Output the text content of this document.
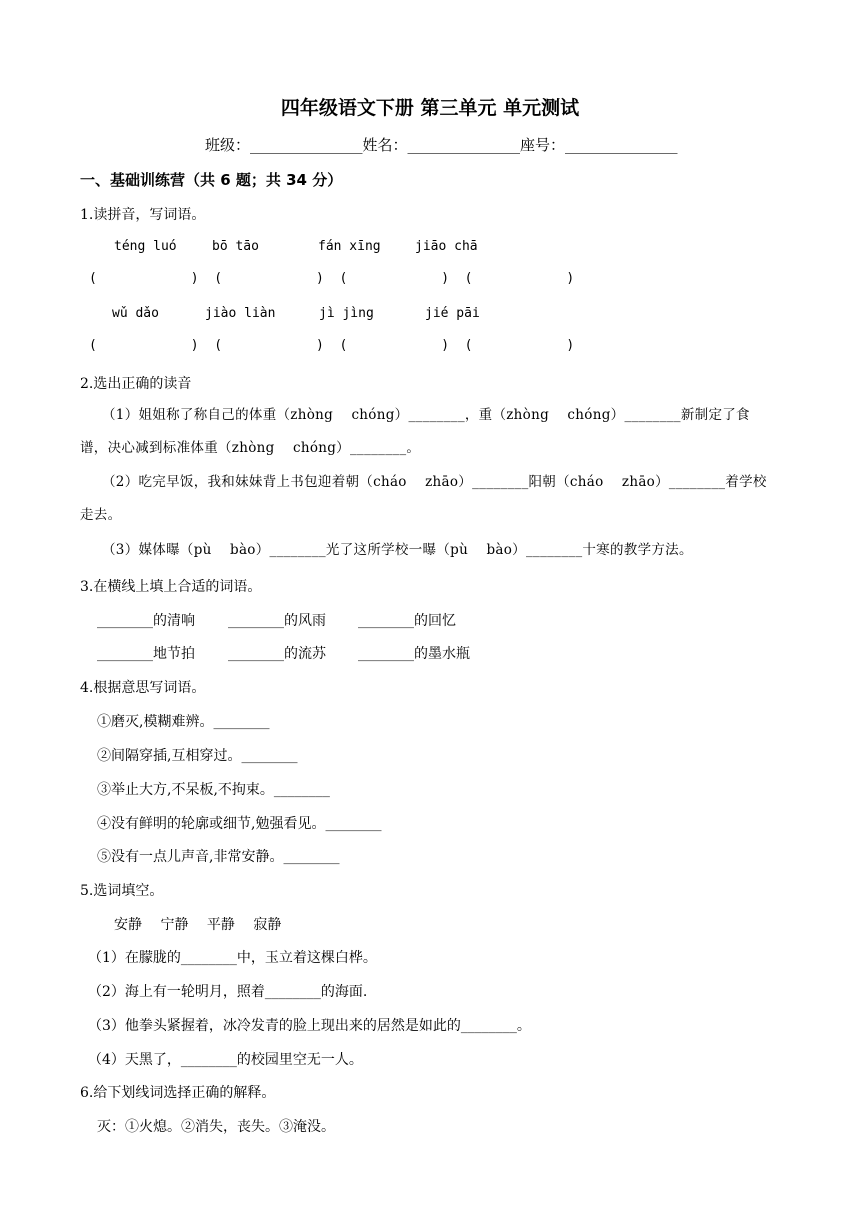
四年级语文下册 第三单元 单元测试
班级：_______________姓名：_______________座号：_______________
一、基础训练营（共 6 题；共 34 分）
1.读拼音，写词语。
téng luó	bō tāo	fán xīng	jiāo chā
(            )  (            )  (            )  (            )
wǔ dǎo	jiào liàn	jì jìng	jié pāi
(            )  (            )  (            )  (            )
2.选出正确的读音
（1）姐姐称了称自己的体重（zhòng　 chóng）________，重（zhòng　 chóng）________新制定了食谱，决心减到标准体重（zhòng　 chóng）________。
（2）吃完早饭，我和妹妹背上书包迎着朝（cháo　 zhāo）________阳朝（cháo　 zhāo）________着学校走去。
（3）媒体曝（pù　 bào）________光了这所学校一曝（pù　 bào）________十寒的教学方法。
3.在横线上填上合适的词语。
________的清响 ________的风雨 ________的回忆
________地节拍 ________的流苏 ________的墨水瓶
4.根据意思写词语。
①磨灭,模糊难辨。________
②间隔穿插,互相穿过。________
③举止大方,不呆板,不拘束。________
④没有鲜明的轮廓或细节,勉强看见。________
⑤没有一点儿声音,非常安静。________
5.选词填空。
安静　 宁静　 平静　 寂静
（1）在朦胧的________中，玉立着这棵白桦。
（2）海上有一轮明月，照着________的海面.
（3）他拳头紧握着，冰冷发青的脸上现出来的居然是如此的________。
（4）天黑了，________的校园里空无一人。
6.给下划线词选择正确的解释。
灭：①火熄。②消失，丧失。③淹没。
